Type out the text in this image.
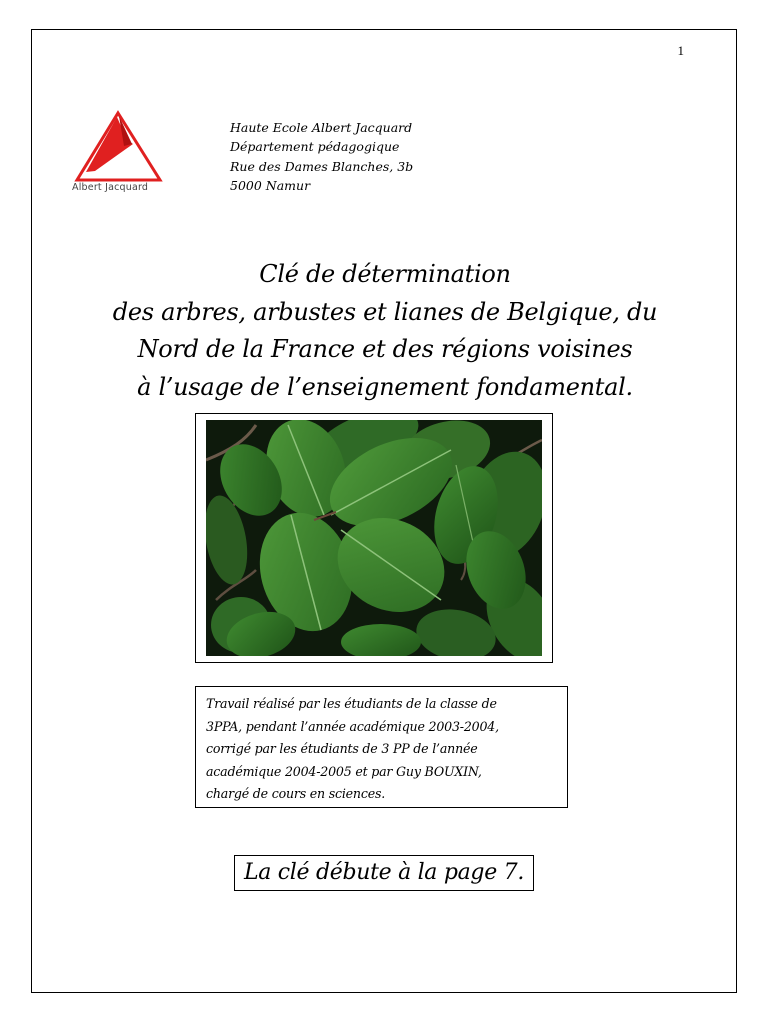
1
Albert Jacquard
Haute Ecole Albert Jacquard
Département pédagogique
Rue des Dames Blanches, 3b
5000 Namur
Clé de détermination
des arbres, arbustes et lianes de Belgique, du
Nord de la France et des régions voisines
à l’usage de l’enseignement fondamental.
Travail réalisé par les étudiants de la classe de
3PPA, pendant l’année académique 2003-2004,
corrigé par les étudiants de 3 PP de l’année
académique 2004-2005 et par Guy BOUXIN,
chargé de cours en sciences.
La clé débute à la page 7.
